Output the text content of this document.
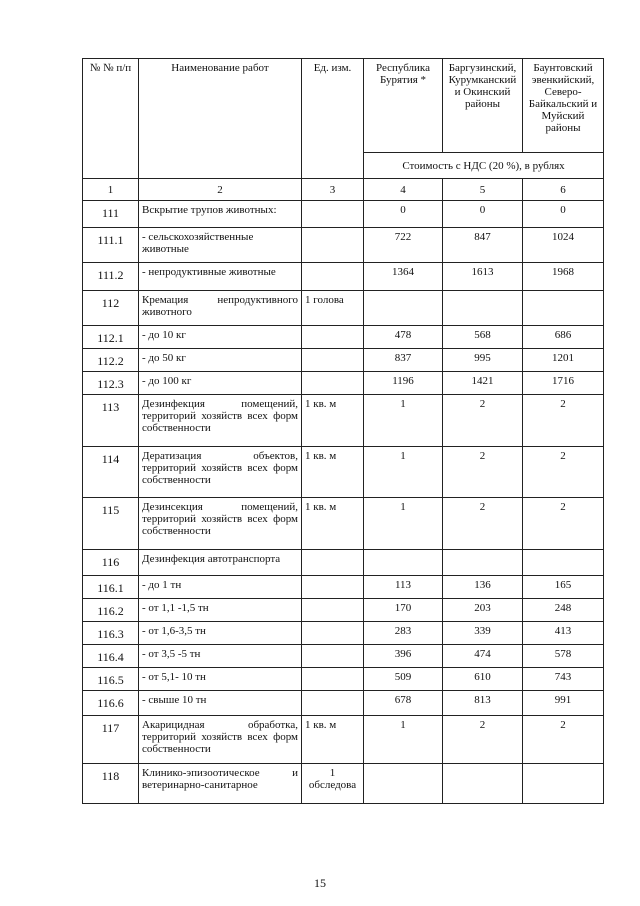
№ № п/п	Наименование работ	Ед. изм.	Республика Бурятия *	Баргузинский, Курумканский и Окинский районы	Баунтовский эвенкийский, Северо-Байкальский и Муйский районы
			Стоимость с НДС (20 %), в рублях		
1	2	3	4	5	6
111	Вскрытие трупов животных:		0	0	0
111.1	- сельскохозяйственные животные		722	847	1024
111.2	- непродуктивные животные		1364	1613	1968
112	Кремация непродуктивного животного	1 голова			
112.1	- до 10 кг		478	568	686
112.2	- до 50 кг		837	995	1201
112.3	- до 100 кг		1196	1421	1716
113	Дезинфекция помещений, территорий хозяйств всех форм собственности	1 кв. м	1	2	2
114	Дератизация объектов, территорий хозяйств всех форм собственности	1 кв. м	1	2	2
115	Дезинсекция помещений, территорий хозяйств всех форм собственности	1 кв. м	1	2	2
116	Дезинфекция автотранспорта				
116.1	- до 1 тн		113	136	165
116.2	- от 1,1 -1,5 тн		170	203	248
116.3	- от 1,6-3,5 тн		283	339	413
116.4	- от 3,5 -5 тн		396	474	578
116.5	- от 5,1- 10 тн		509	610	743
116.6	- свыше 10 тн		678	813	991
117	Акарицидная обработка, территорий хозяйств всех форм собственности	1 кв. м	1	2	2
118	Клинико-эпизоотическое и ветеринарно-санитарное	1 обследова			
15
